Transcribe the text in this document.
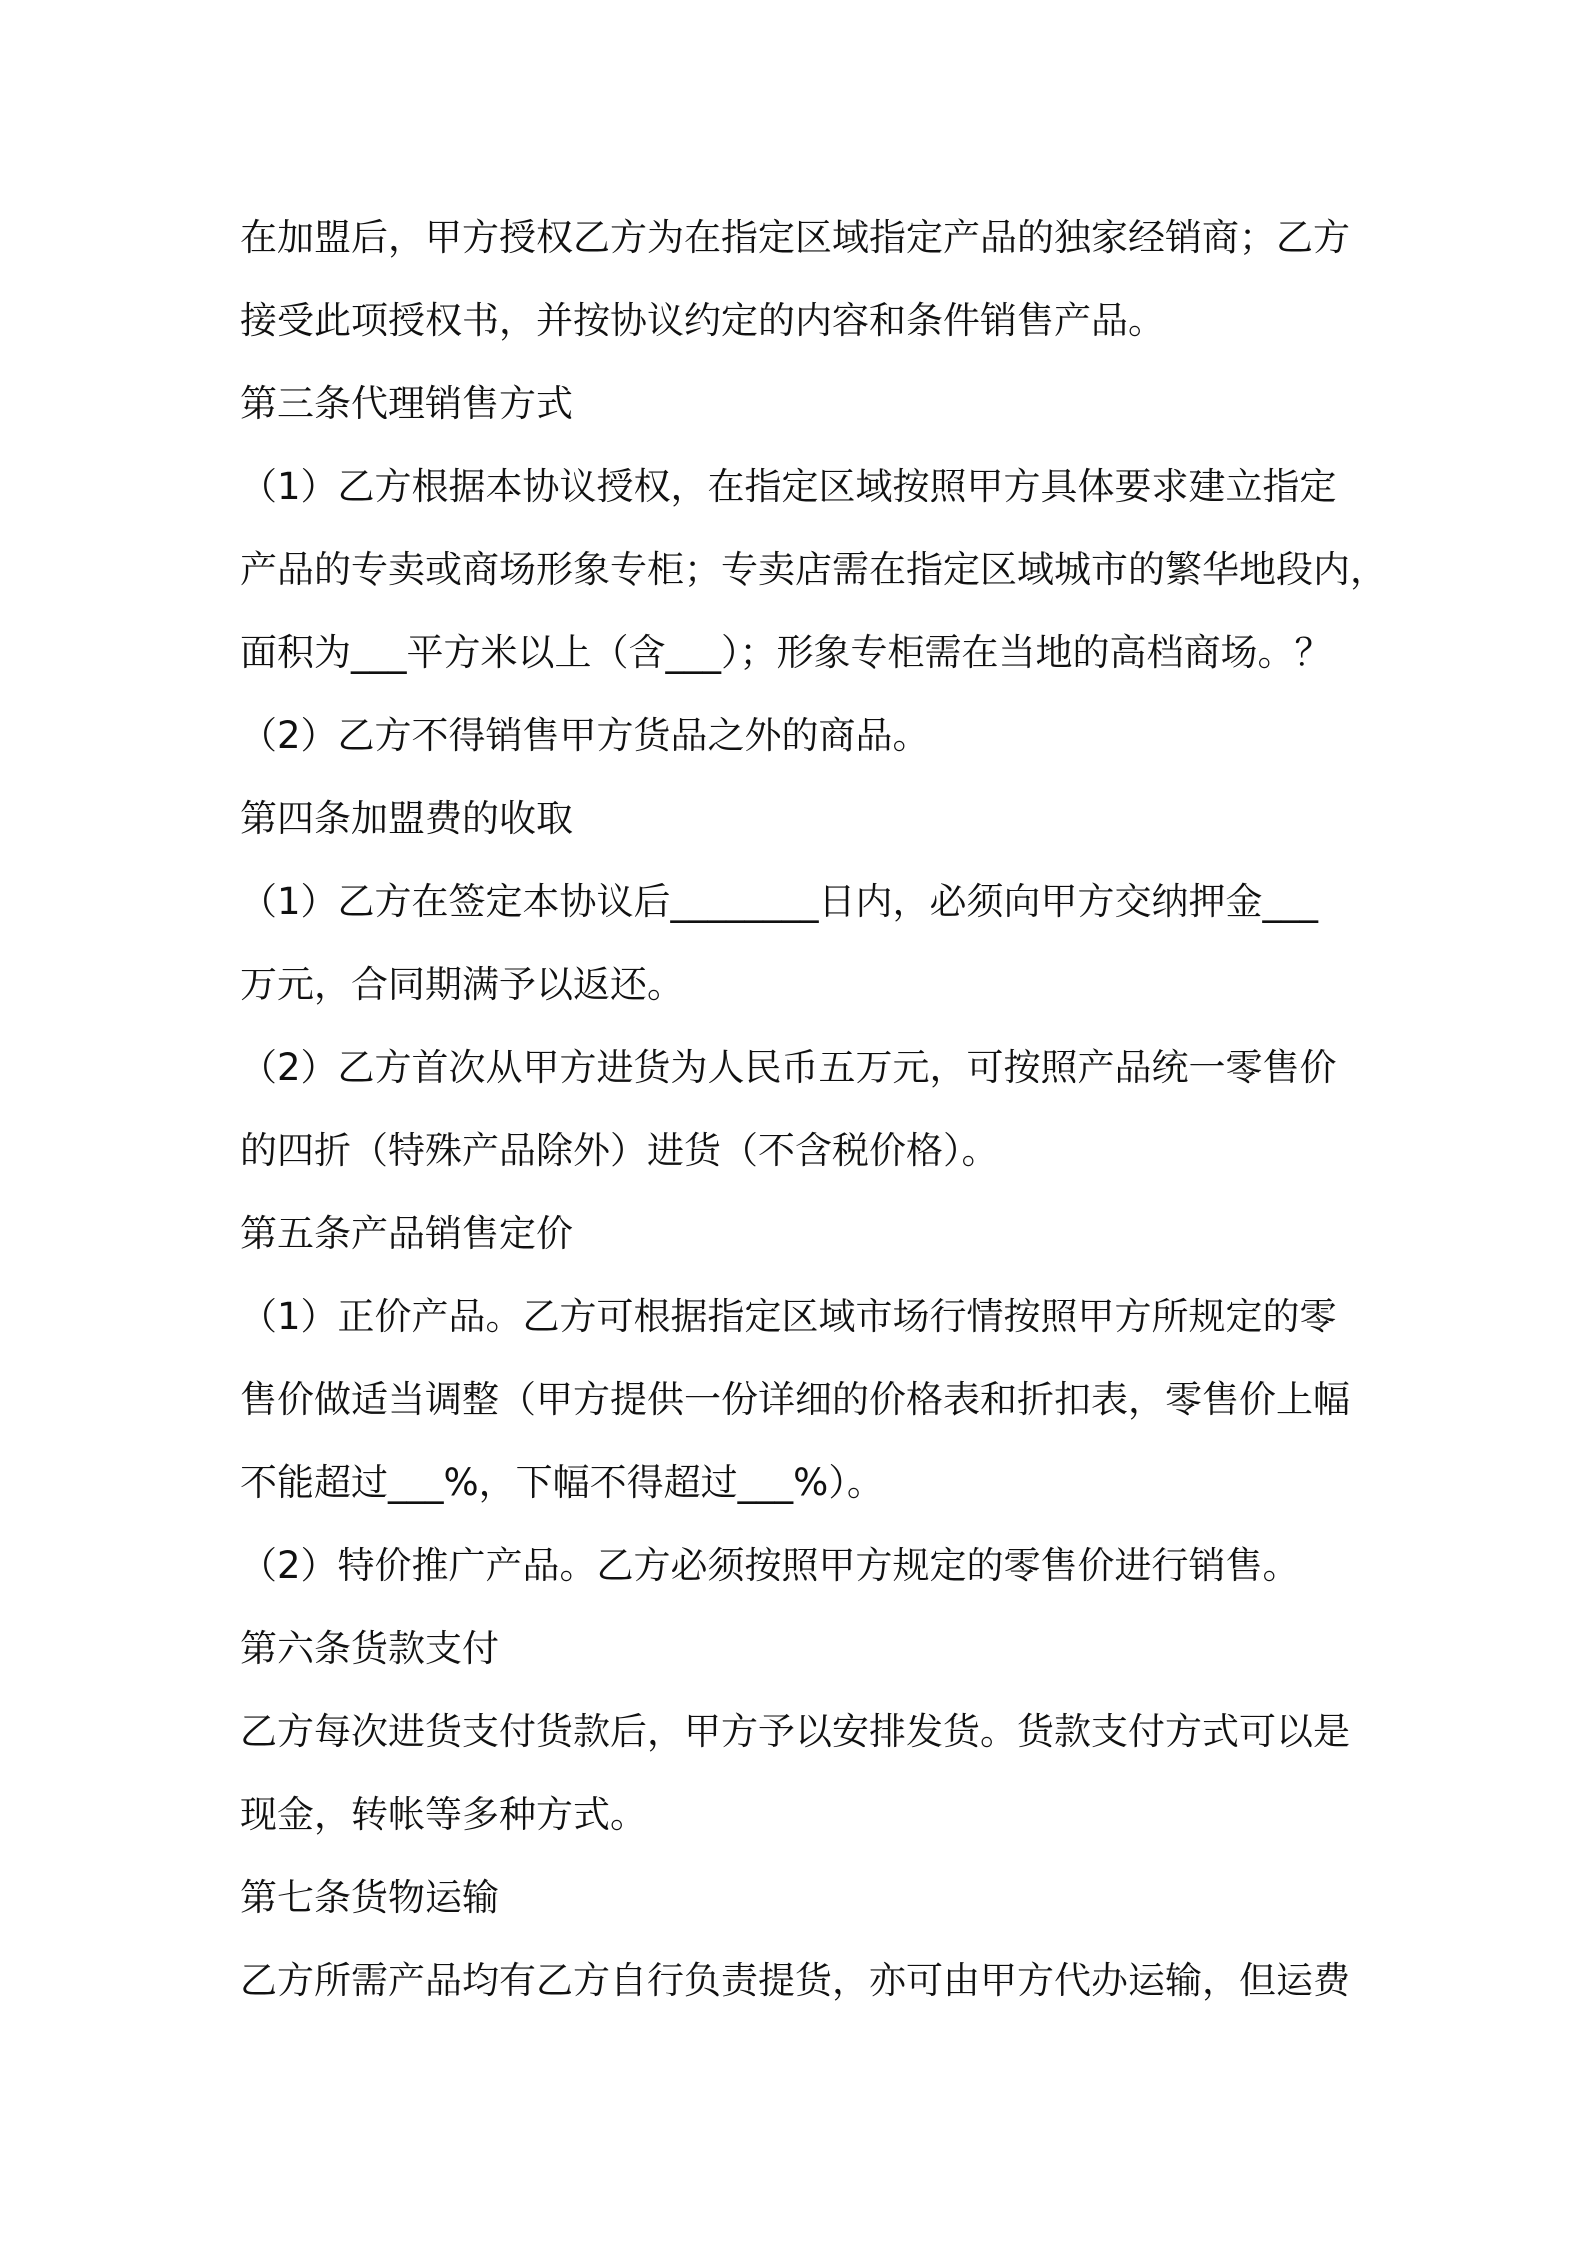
在加盟后，甲方授权乙方为在指定区域指定产品的独家经销商；乙方
接受此项授权书，并按协议约定的内容和条件销售产品。
第三条代理销售方式
（1）乙方根据本协议授权，在指定区域按照甲方具体要求建立指定
产品的专卖或商场形象专柜；专卖店需在指定区域城市的繁华地段内，
面积为___平方米以上（含___）；形象专柜需在当地的高档商场。？
（2）乙方不得销售甲方货品之外的商品。
第四条加盟费的收取
（1）乙方在签定本协议后________日内，必须向甲方交纳押金___
万元，合同期满予以返还。
（2）乙方首次从甲方进货为人民币五万元，可按照产品统一零售价
的四折（特殊产品除外）进货（不含税价格）。
第五条产品销售定价
（1）正价产品。乙方可根据指定区域市场行情按照甲方所规定的零
售价做适当调整（甲方提供一份详细的价格表和折扣表，零售价上幅
不能超过___%，下幅不得超过___%）。
（2）特价推广产品。乙方必须按照甲方规定的零售价进行销售。
第六条货款支付
乙方每次进货支付货款后，甲方予以安排发货。货款支付方式可以是
现金，转帐等多种方式。
第七条货物运输
乙方所需产品均有乙方自行负责提货，亦可由甲方代办运输，但运费
